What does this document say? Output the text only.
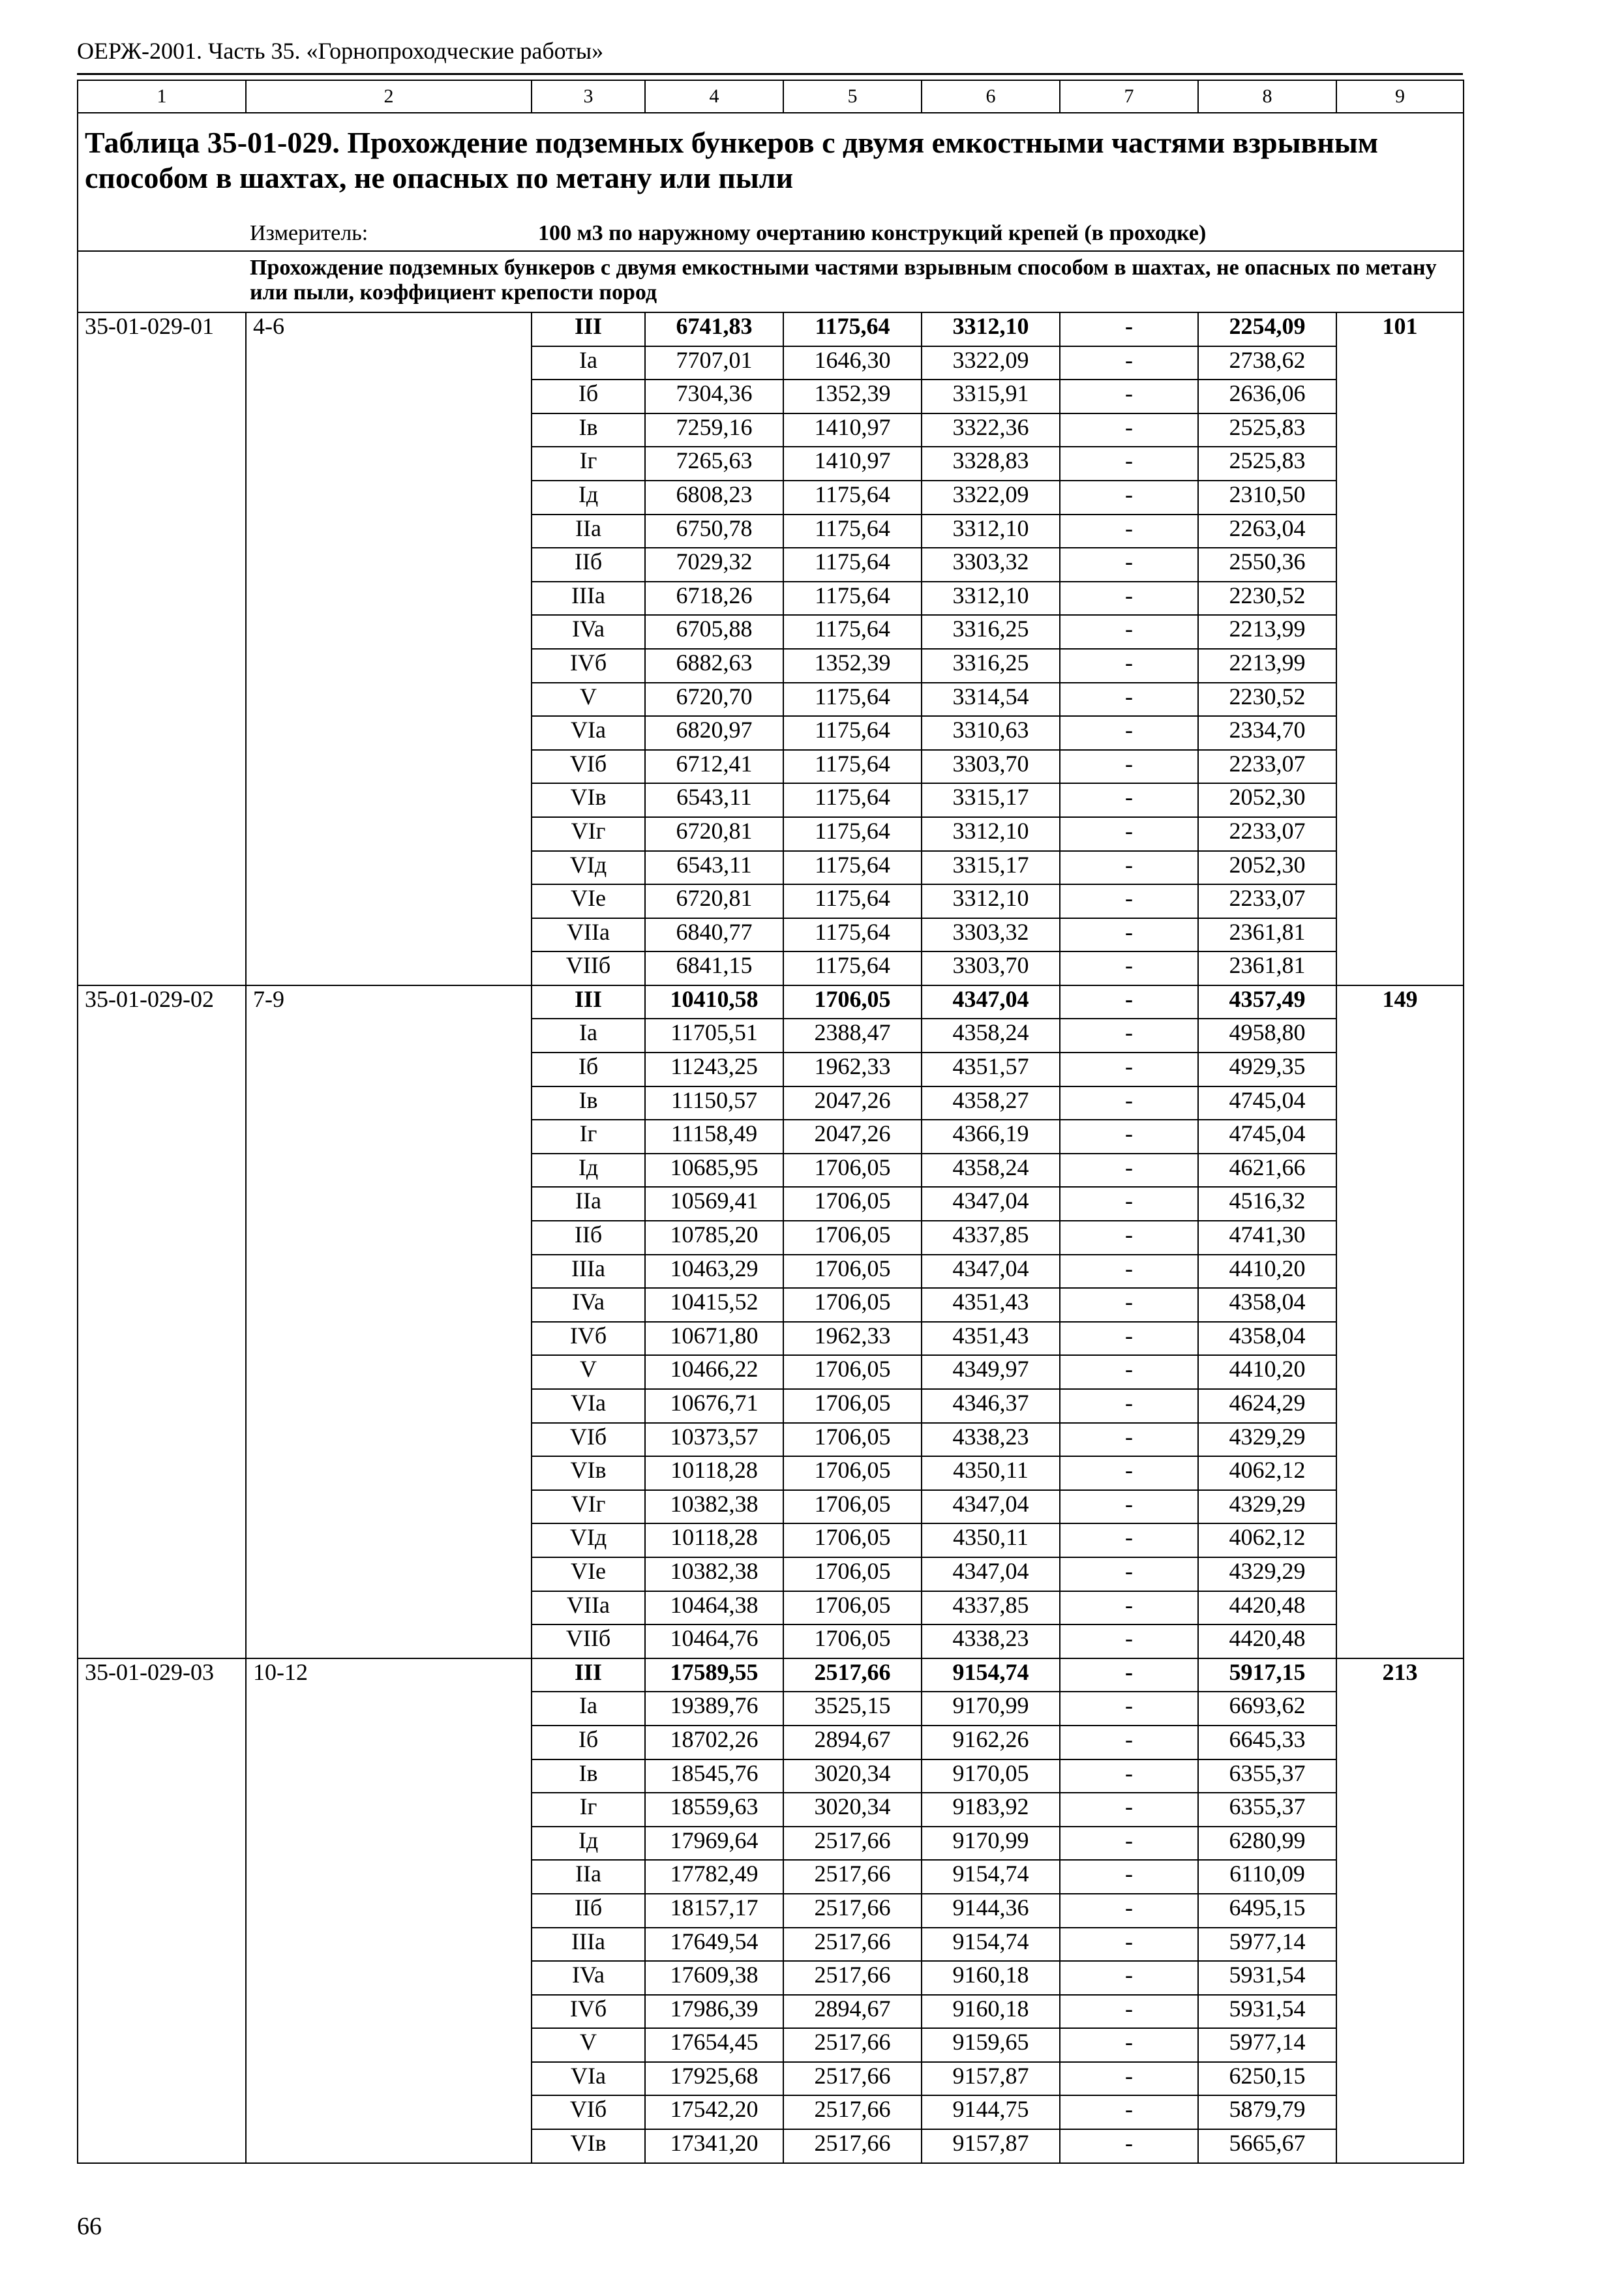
ОЕРЖ-2001. Часть 35. «Горнопроходческие работы»
1	2	3	4	5	6	7	8	9
Таблица 35-01-029. Прохождение подземных бункеров с двумя емкостными частями взрывным способом в шахтах, не опасных по метану или пыли								
	Измеритель:	100 м3 по наружному очертанию конструкций крепей (в проходке)						
	Прохождение подземных бункеров с двумя емкостными частями взрывным способом в шахтах, не опасных по метану или пыли, коэффициент крепости пород							
35-01-029-01	4-6	III	6741,83	1175,64	3312,10	-	2254,09	101
		Ia	7707,01	1646,30	3322,09	-	2738,62	
		Iб	7304,36	1352,39	3315,91	-	2636,06	
		Iв	7259,16	1410,97	3322,36	-	2525,83	
		Iг	7265,63	1410,97	3328,83	-	2525,83	
		Iд	6808,23	1175,64	3322,09	-	2310,50	
		IIa	6750,78	1175,64	3312,10	-	2263,04	
		IIб	7029,32	1175,64	3303,32	-	2550,36	
		IIIa	6718,26	1175,64	3312,10	-	2230,52	
		IVa	6705,88	1175,64	3316,25	-	2213,99	
		IVб	6882,63	1352,39	3316,25	-	2213,99	
		V	6720,70	1175,64	3314,54	-	2230,52	
		VIa	6820,97	1175,64	3310,63	-	2334,70	
		VIб	6712,41	1175,64	3303,70	-	2233,07	
		VIв	6543,11	1175,64	3315,17	-	2052,30	
		VIг	6720,81	1175,64	3312,10	-	2233,07	
		VIд	6543,11	1175,64	3315,17	-	2052,30	
		VIе	6720,81	1175,64	3312,10	-	2233,07	
		VIIa	6840,77	1175,64	3303,32	-	2361,81	
		VIIб	6841,15	1175,64	3303,70	-	2361,81	
35-01-029-02	7-9	III	10410,58	1706,05	4347,04	-	4357,49	149
		Ia	11705,51	2388,47	4358,24	-	4958,80	
		Iб	11243,25	1962,33	4351,57	-	4929,35	
		Iв	11150,57	2047,26	4358,27	-	4745,04	
		Iг	11158,49	2047,26	4366,19	-	4745,04	
		Iд	10685,95	1706,05	4358,24	-	4621,66	
		IIa	10569,41	1706,05	4347,04	-	4516,32	
		IIб	10785,20	1706,05	4337,85	-	4741,30	
		IIIa	10463,29	1706,05	4347,04	-	4410,20	
		IVa	10415,52	1706,05	4351,43	-	4358,04	
		IVб	10671,80	1962,33	4351,43	-	4358,04	
		V	10466,22	1706,05	4349,97	-	4410,20	
		VIa	10676,71	1706,05	4346,37	-	4624,29	
		VIб	10373,57	1706,05	4338,23	-	4329,29	
		VIв	10118,28	1706,05	4350,11	-	4062,12	
		VIг	10382,38	1706,05	4347,04	-	4329,29	
		VIд	10118,28	1706,05	4350,11	-	4062,12	
		VIе	10382,38	1706,05	4347,04	-	4329,29	
		VIIa	10464,38	1706,05	4337,85	-	4420,48	
		VIIб	10464,76	1706,05	4338,23	-	4420,48	
35-01-029-03	10-12	III	17589,55	2517,66	9154,74	-	5917,15	213
		Ia	19389,76	3525,15	9170,99	-	6693,62	
		Iб	18702,26	2894,67	9162,26	-	6645,33	
		Iв	18545,76	3020,34	9170,05	-	6355,37	
		Iг	18559,63	3020,34	9183,92	-	6355,37	
		Iд	17969,64	2517,66	9170,99	-	6280,99	
		IIa	17782,49	2517,66	9154,74	-	6110,09	
		IIб	18157,17	2517,66	9144,36	-	6495,15	
		IIIa	17649,54	2517,66	9154,74	-	5977,14	
		IVa	17609,38	2517,66	9160,18	-	5931,54	
		IVб	17986,39	2894,67	9160,18	-	5931,54	
		V	17654,45	2517,66	9159,65	-	5977,14	
		VIa	17925,68	2517,66	9157,87	-	6250,15	
		VIб	17542,20	2517,66	9144,75	-	5879,79	
		VIв	17341,20	2517,66	9157,87	-	5665,67	
66
